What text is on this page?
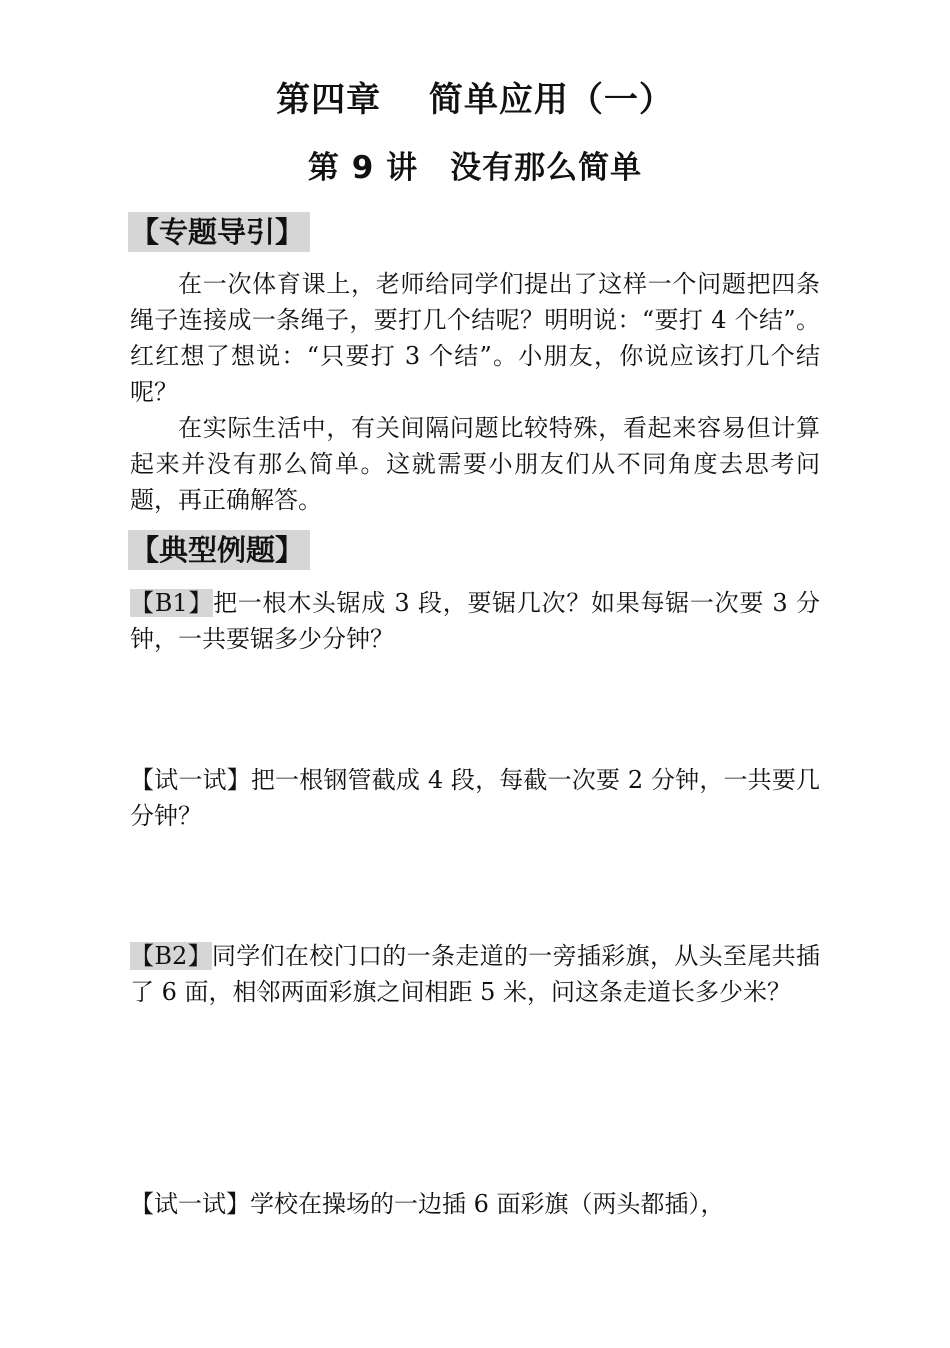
第四章　 简单应用（一）
第 9 讲　没有那么简单
【专题导引】

在一次体育课上，老师给同学们提出了这样一个问题把四条绳子连接成一条绳子，要打几个结呢？明明说：“要打 4 个结”。红红想了想说：“只要打 3 个结”。小朋友，你说应该打几个结呢？

在实际生活中，有关间隔问题比较特殊，看起来容易但计算起来并没有那么简单。这就需要小朋友们从不同角度去思考问题，再正确解答。

【典型例题】

【B1】把一根木头锯成 3 段，要锯几次？如果每锯一次要 3 分钟，一共要锯多少分钟？

【试一试】把一根钢管截成 4 段，每截一次要 2 分钟，一共要几分钟？

【B2】同学们在校门口的一条走道的一旁插彩旗，从头至尾共插了 6 面，相邻两面彩旗之间相距 5 米，问这条走道长多少米？

【试一试】学校在操场的一边插 6 面彩旗（两头都插），
